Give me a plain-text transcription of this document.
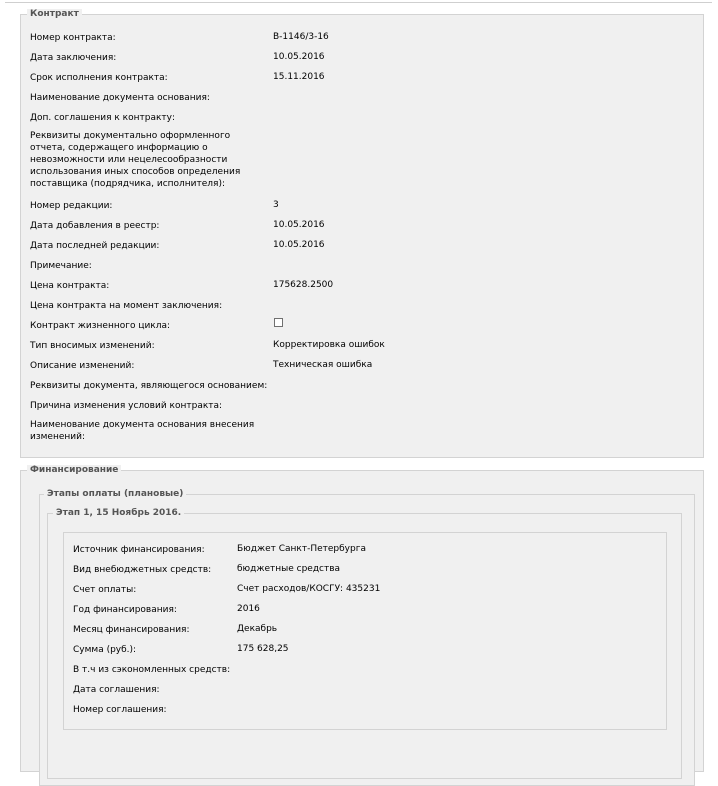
Контракт
Номер контракта:	В-1146/3-16
Дата заключения:	10.05.2016
Срок исполнения контракта:	15.11.2016
Наименование документа основания:
Доп. соглашения к контракту:
Реквизиты документально оформленного
отчета, содержащего информацию о
невозможности или нецелесообразности
использования иных способов определения
поставщика (подрядчика, исполнителя):
Номер редакции:	3
Дата добавления в реестр:	10.05.2016
Дата последней редакции:	10.05.2016
Примечание:
Цена контракта:	175628.2500
Цена контракта на момент заключения:
Контракт жизненного цикла:
Тип вносимых изменений:	Корректировка ошибок
Описание изменений:	Техническая ошибка
Реквизиты документа, являющегося основанием:
Причина изменения условий контракта:
Наименование документа основания внесения
изменений:
Финансирование
Этапы оплаты (плановые)
Этап 1, 15 Ноябрь 2016.
Источник финансирования:	Бюджет Санкт-Петербурга
Вид внебюджетных средств:	бюджетные средства
Счет оплаты:	Счет расходов/КОСГУ: 435231
Год финансирования:	2016
Месяц финансирования:	Декабрь
Сумма (руб.):	175 628,25
В т.ч из сэкономленных средств:
Дата соглашения:
Номер соглашения:
